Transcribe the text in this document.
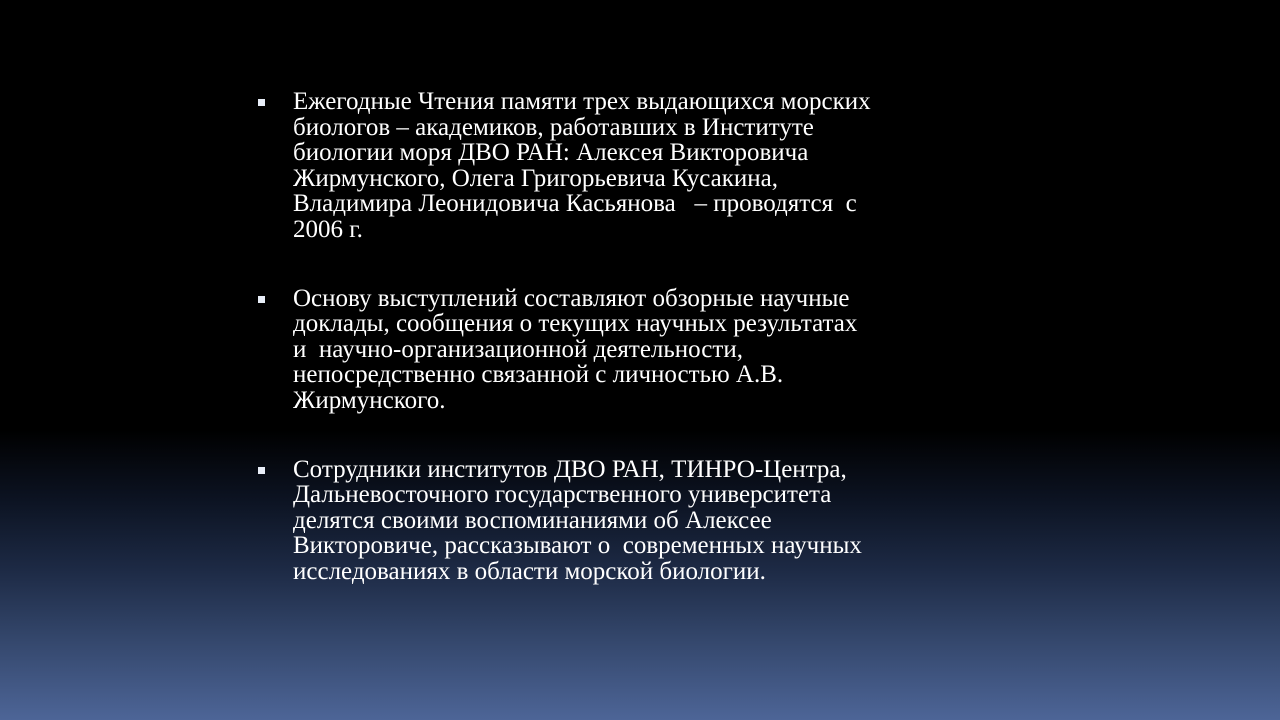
Ежегодные Чтения памяти трех выдающихся морских
биологов – академиков, работавших в Институте
биологии моря ДВО РАН: Алексея Викторовича
Жирмунского, Олега Григорьевича Кусакина,
Владимира Леонидовича Касьянова   – проводятся  с
2006 г.
Основу выступлений составляют обзорные научные
доклады, сообщения о текущих научных результатах
и  научно-организационной деятельности,
непосредственно связанной с личностью А.В.
Жирмунского.
Сотрудники институтов ДВО РАН, ТИНРО-Центра,
Дальневосточного государственного университета
делятся своими воспоминаниями об Алексее
Викторовиче, рассказывают о  современных научных
исследованиях в области морской биологии.
